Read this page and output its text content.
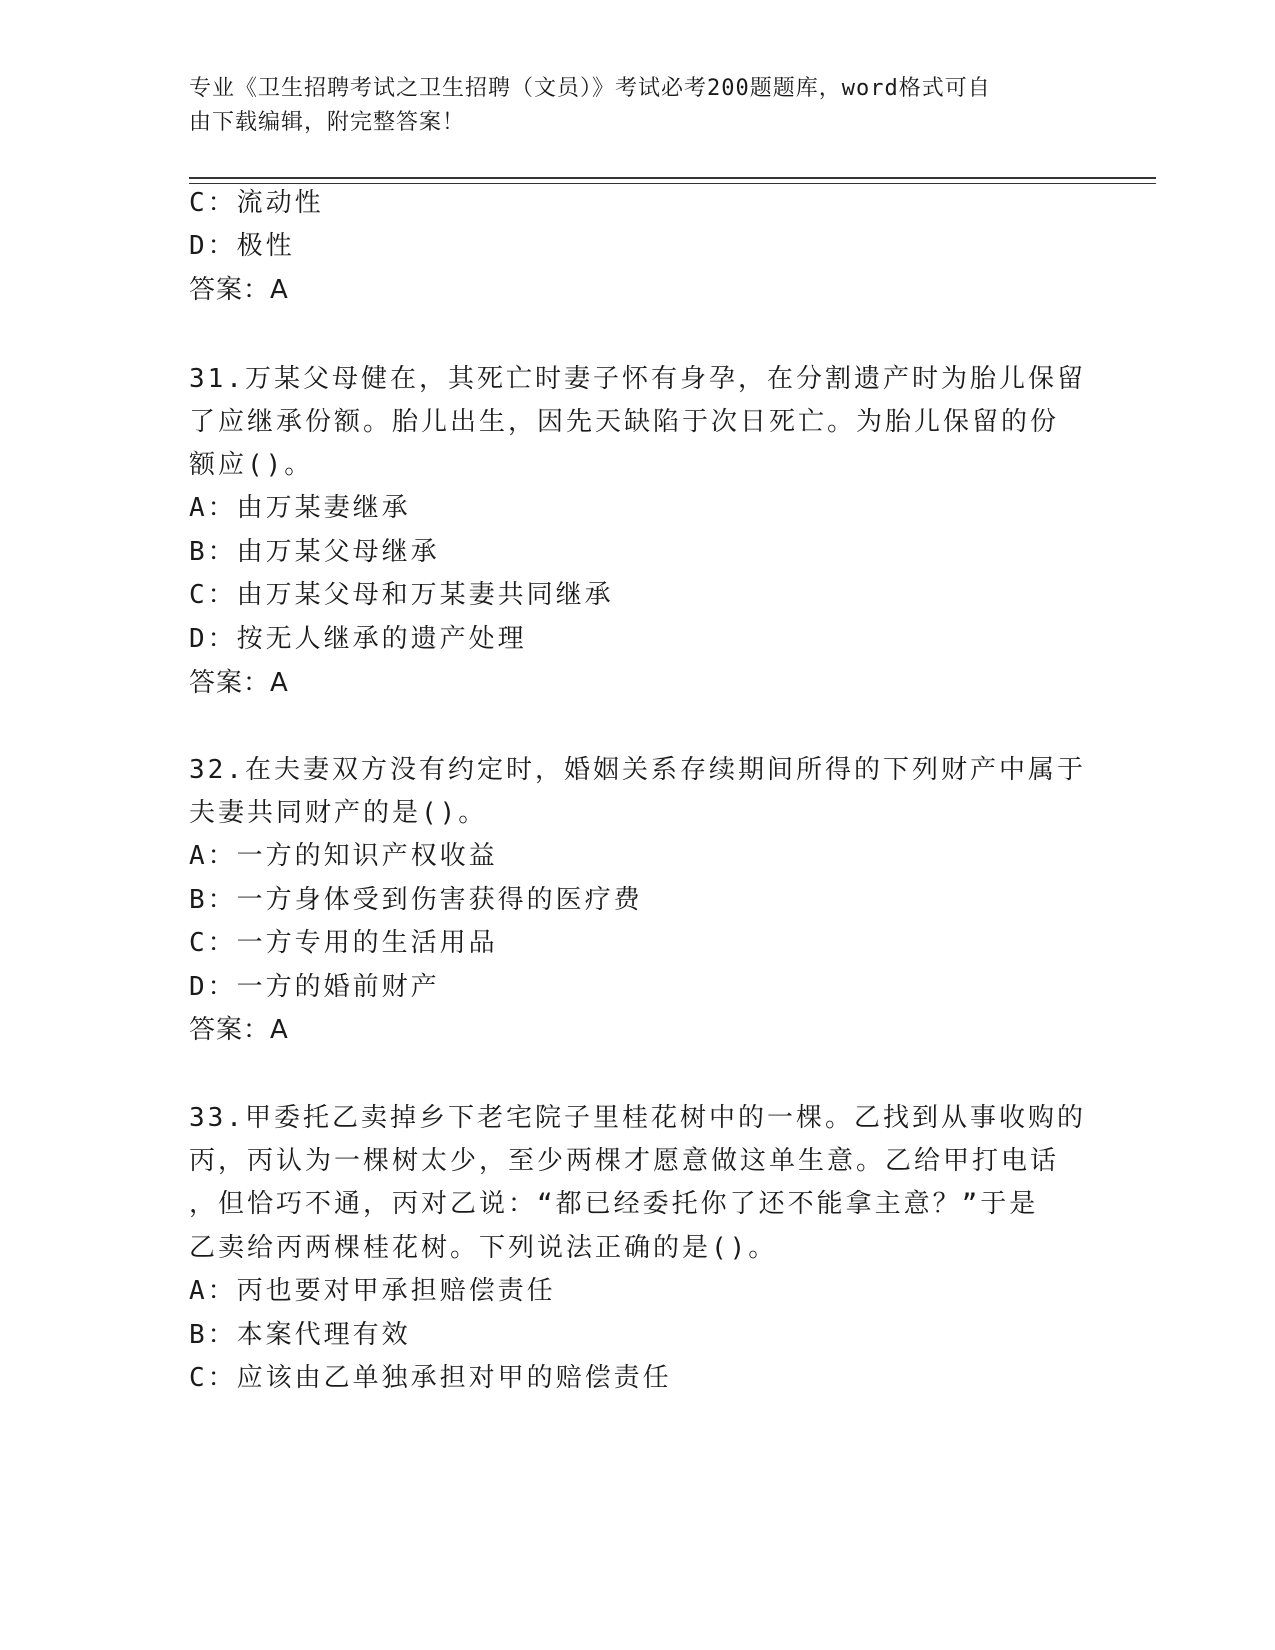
专业《卫生招聘考试之卫生招聘（文员）》考试必考200题题库，word格式可自
由下载编辑，附完整答案！
C：流动性
D：极性
答案：A
31.万某父母健在，其死亡时妻子怀有身孕，在分割遗产时为胎儿保留
了应继承份额。胎儿出生，因先天缺陷于次日死亡。为胎儿保留的份
额应()。
A：由万某妻继承
B：由万某父母继承
C：由万某父母和万某妻共同继承
D：按无人继承的遗产处理
答案：A
32.在夫妻双方没有约定时，婚姻关系存续期间所得的下列财产中属于
夫妻共同财产的是()。
A：一方的知识产权收益
B：一方身体受到伤害获得的医疗费
C：一方专用的生活用品
D：一方的婚前财产
答案：A
33.甲委托乙卖掉乡下老宅院子里桂花树中的一棵。乙找到从事收购的
丙，丙认为一棵树太少，至少两棵才愿意做这单生意。乙给甲打电话
，但恰巧不通，丙对乙说：“都已经委托你了还不能拿主意？”于是
乙卖给丙两棵桂花树。下列说法正确的是()。
A：丙也要对甲承担赔偿责任
B：本案代理有效
C：应该由乙单独承担对甲的赔偿责任
